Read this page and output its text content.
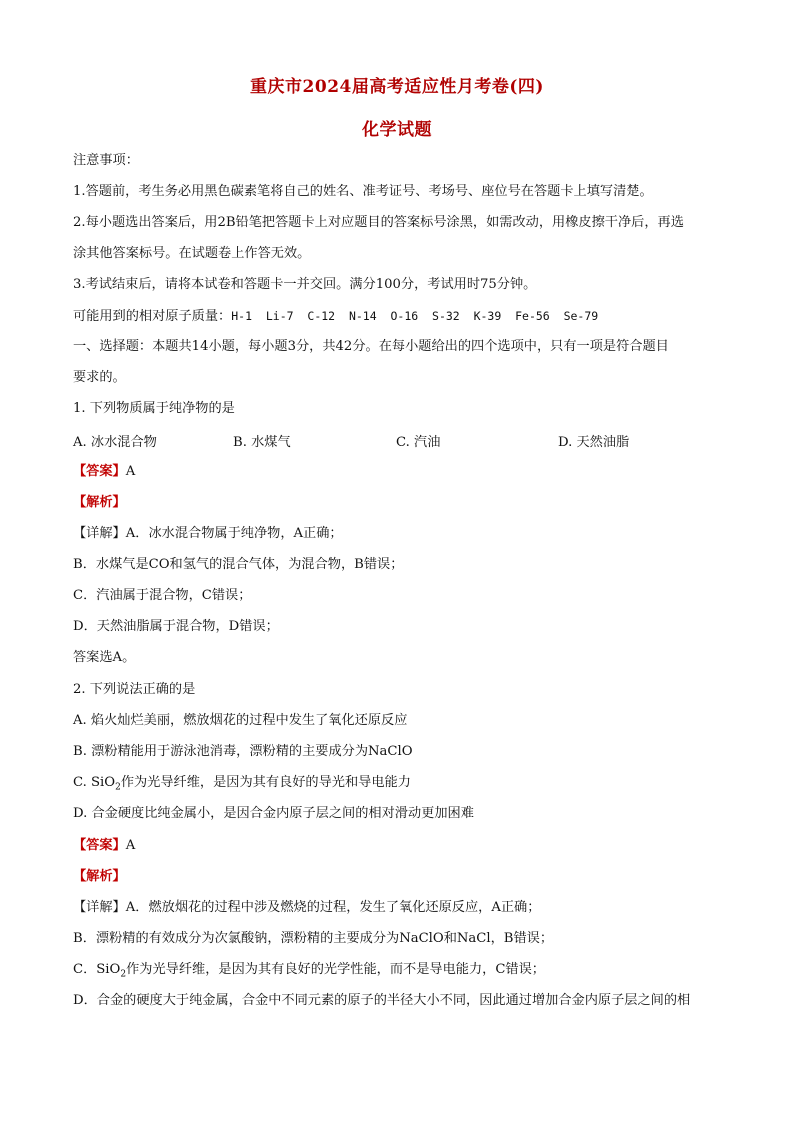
重庆市2024届高考适应性月考卷(四)
化学试题
注意事项：
1.答题前，考生务必用黑色碳素笔将自己的姓名、准考证号、考场号、座位号在答题卡上填写清楚。
2.每小题选出答案后，用2B铅笔把答题卡上对应题目的答案标号涂黑，如需改动，用橡皮擦干净后，再选
涂其他答案标号。在试题卷上作答无效。
3.考试结束后，请将本试卷和答题卡一并交回。满分100分，考试用时75分钟。
可能用到的相对原子质量：H-1  Li-7  C-12  N-14  O-16  S-32  K-39  Fe-56  Se-79
一、选择题：本题共14小题，每小题3分，共42分。在每小题给出的四个选项中，只有一项是符合题目
要求的。
1. 下列物质属于纯净物的是
A. 冰水混合物	B. 水煤气	C. 汽油	D. 天然油脂
【答案】A
【解析】
【详解】A．冰水混合物属于纯净物，A正确；
B．水煤气是CO和氢气的混合气体，为混合物，B错误；
C．汽油属于混合物，C错误；
D．天然油脂属于混合物，D错误；
答案选A。
2. 下列说法正确的是
A. 焰火灿烂美丽，燃放烟花的过程中发生了氧化还原反应
B. 漂粉精能用于游泳池消毒，漂粉精的主要成分为NaClO
C. SiO$_2$作为光导纤维，是因为其有良好的导光和导电能力
D. 合金硬度比纯金属小，是因合金内原子层之间的相对滑动更加困难
【答案】A
【解析】
【详解】A．燃放烟花的过程中涉及燃烧的过程，发生了氧化还原反应，A正确；
B．漂粉精的有效成分为次氯酸钠，漂粉精的主要成分为NaClO和NaCl，B错误；
C．SiO$_2$作为光导纤维，是因为其有良好的光学性能，而不是导电能力，C错误；
D．合金的硬度大于纯金属，合金中不同元素的原子的半径大小不同，因此通过增加合金内原子层之间的相
